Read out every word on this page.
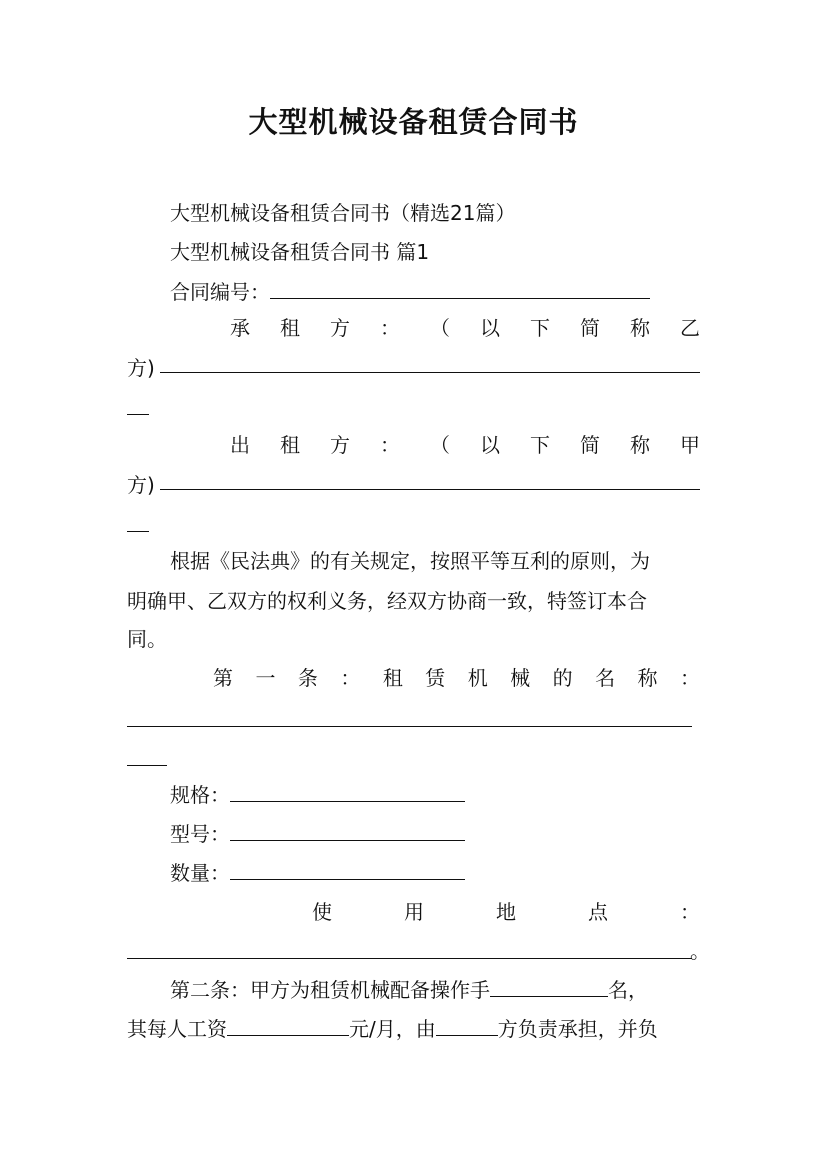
大型机械设备租赁合同书
大型机械设备租赁合同书（精选21篇）
大型机械设备租赁合同书 篇1
合同编号：
承 租 方 ： （ 以 下 简 称 乙
方)
出 租 方 ： （ 以 下 简 称 甲
方)
根据《民法典》的有关规定，按照平等互利的原则，为
明确甲、乙双方的权利义务，经双方协商一致，特签订本合
同。
第 一 条 ： 租 赁 机 械 的 名 称 ：
规格：
型号：
数量：
使	用	地	点	：
。
第二条：甲方为租赁机械配备操作手	名，
其每人工资	元/月，由	方负责承担，并负
